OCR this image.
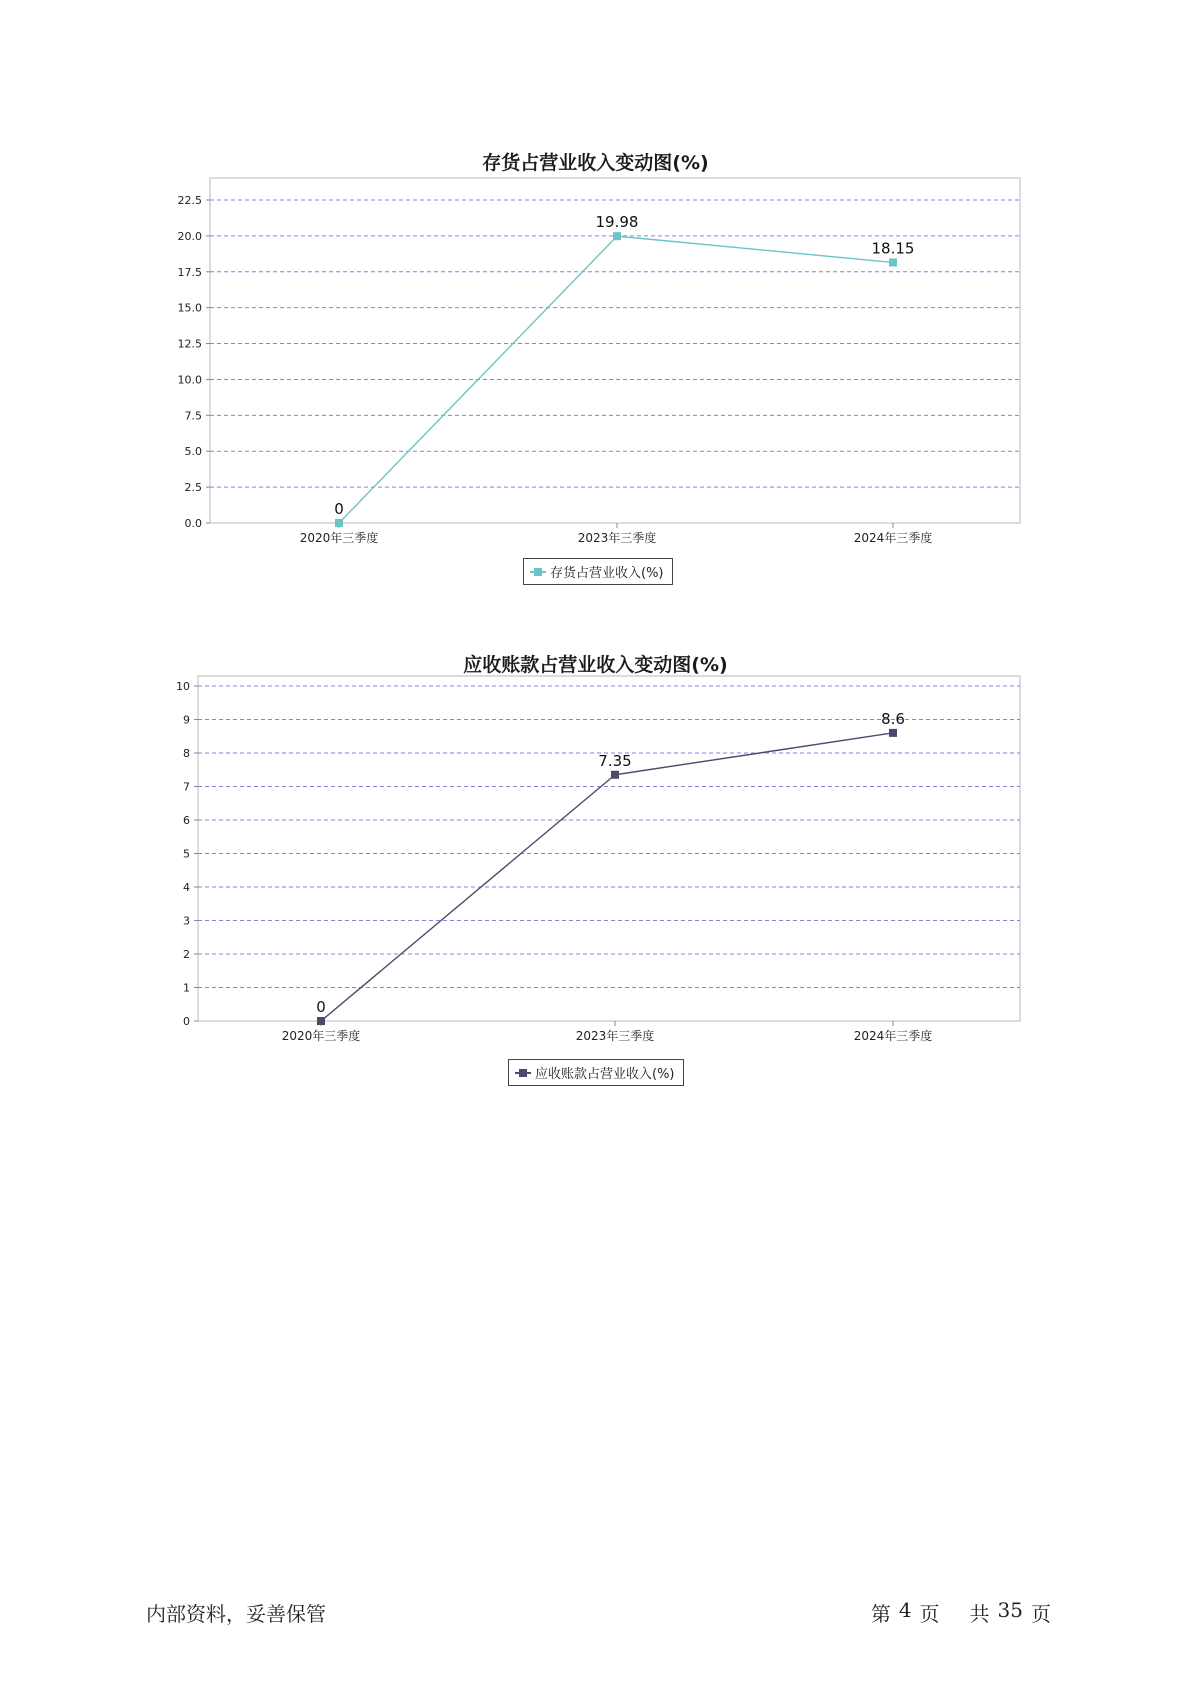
存货占营业收入变动图(%)
0.0
2.5
5.0
7.5
10.0
12.5
15.0
17.5
20.0
22.5
2020年三季度	2023年三季度	2024年三季度
0
19.98
18.15
存货占营业收入(%)
应收账款占营业收入变动图(%)
0
1
2
3
4
5
6
7
8
9
10
2020年三季度	2023年三季度	2024年三季度
0
7.35
8.6
应收账款占营业收入(%)
内部资料，妥善保管	第 4 页 共 35 页
